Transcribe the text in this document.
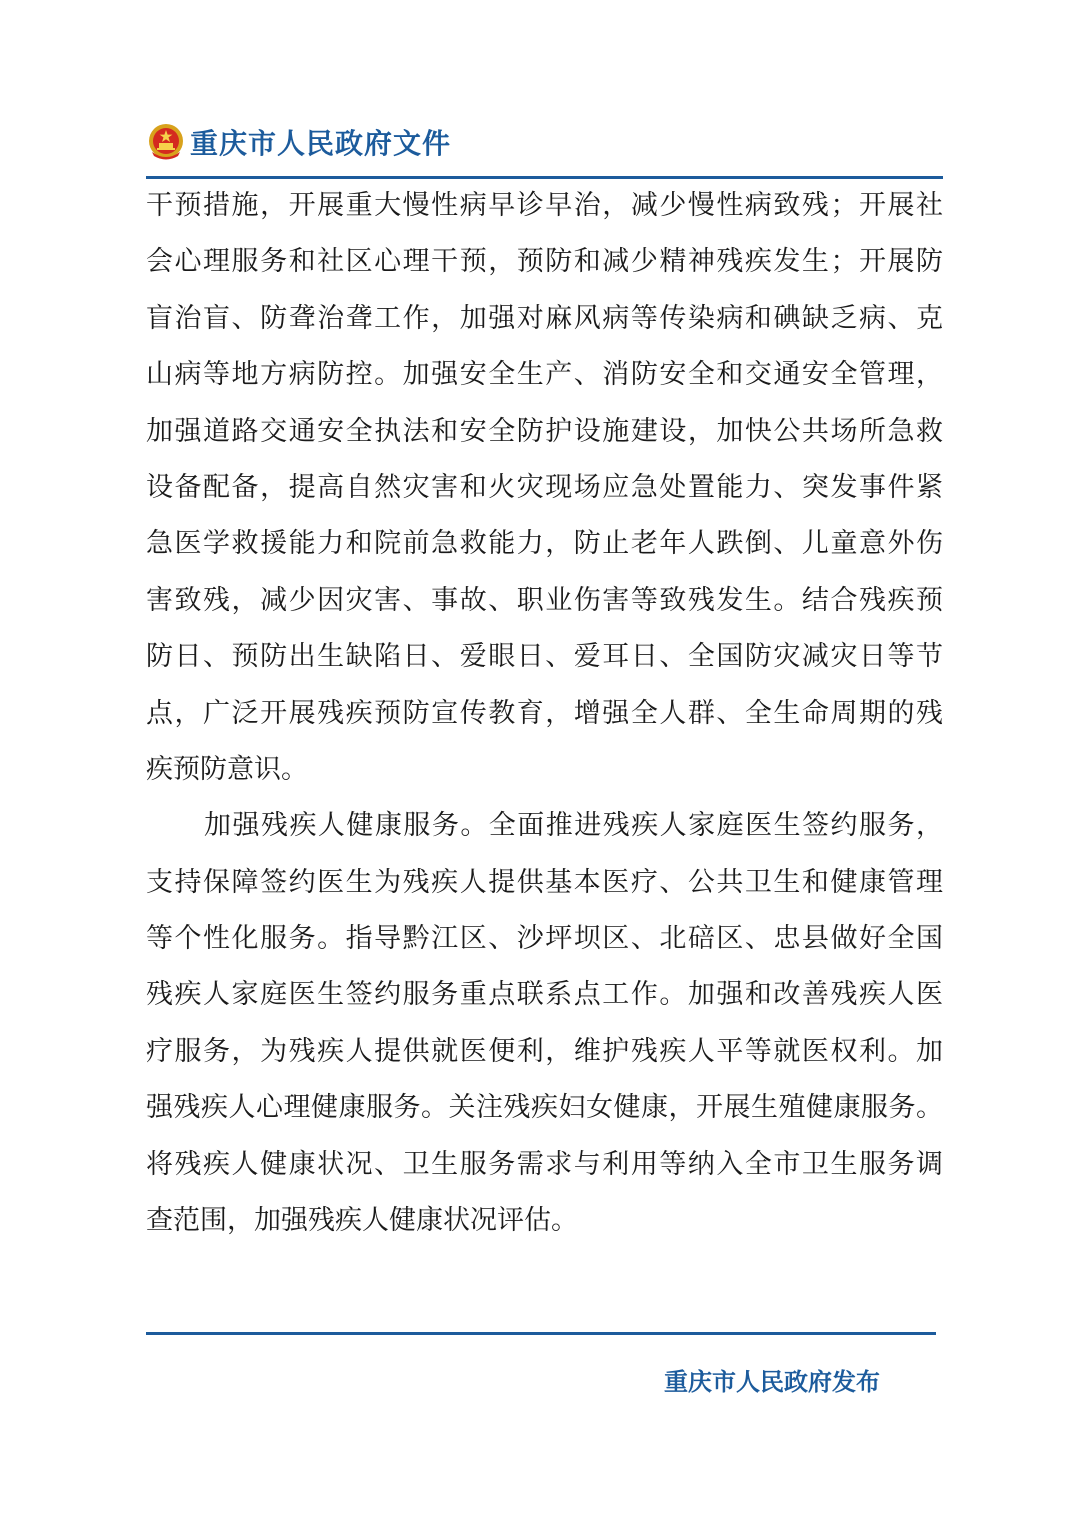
重庆市人民政府文件
干预措施，开展重大慢性病早诊早治，减少慢性病致残；开展社
会心理服务和社区心理干预，预防和减少精神残疾发生；开展防
盲治盲、防聋治聋工作，加强对麻风病等传染病和碘缺乏病、克
山病等地方病防控。加强安全生产、消防安全和交通安全管理，
加强道路交通安全执法和安全防护设施建设，加快公共场所急救
设备配备，提高自然灾害和火灾现场应急处置能力、突发事件紧
急医学救援能力和院前急救能力，防止老年人跌倒、儿童意外伤
害致残，减少因灾害、事故、职业伤害等致残发生。结合残疾预
防日、预防出生缺陷日、爱眼日、爱耳日、全国防灾减灾日等节
点，广泛开展残疾预防宣传教育，增强全人群、全生命周期的残
疾预防意识。
加强残疾人健康服务。全面推进残疾人家庭医生签约服务，
支持保障签约医生为残疾人提供基本医疗、公共卫生和健康管理
等个性化服务。指导黔江区、沙坪坝区、北碚区、忠县做好全国
残疾人家庭医生签约服务重点联系点工作。加强和改善残疾人医
疗服务，为残疾人提供就医便利，维护残疾人平等就医权利。加
强残疾人心理健康服务。关注残疾妇女健康，开展生殖健康服务。
将残疾人健康状况、卫生服务需求与利用等纳入全市卫生服务调
查范围，加强残疾人健康状况评估。
重庆市人民政府发布
